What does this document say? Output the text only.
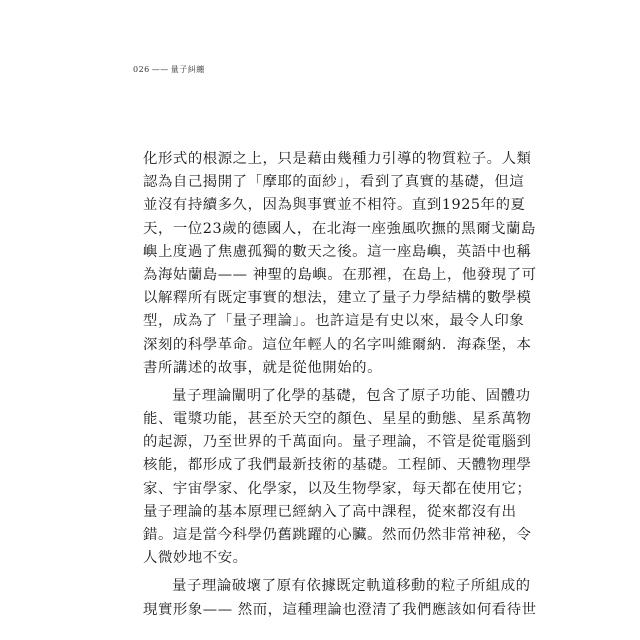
026 —— 量子糾纏
化形式的根源之上，只是藉由幾種力引導的物質粒子。人類
認為自己揭開了「摩耶的面紗」，看到了真實的基礎，但這
並沒有持續多久，因為與事實並不相符。直到1925年的夏
天，一位23歲的德國人，在北海一座強風吹撫的黑爾戈蘭島
嶼上度過了焦慮孤獨的數天之後。這一座島嶼，英語中也稱
為海姑蘭島—— 神聖的島嶼。在那裡，在島上，他發現了可
以解釋所有既定事實的想法，建立了量子力學結構的數學模
型，成為了「量子理論」。也許這是有史以來，最令人印象
深刻的科學革命。這位年輕人的名字叫維爾納．海森堡，本
書所講述的故事，就是從他開始的。
量子理論闡明了化學的基礎，包含了原子功能、固體功
能、電漿功能，甚至於天空的顏色、星星的動態、星系萬物
的起源，乃至世界的千萬面向。量子理論，不管是從電腦到
核能，都形成了我們最新技術的基礎。工程師、天體物理學
家、宇宙學家、化學家，以及生物學家，每天都在使用它；
量子理論的基本原理已經納入了高中課程，從來都沒有出
錯。這是當今科學仍舊跳躍的心臟。然而仍然非常神秘，令
人微妙地不安。
量子理論破壞了原有依據既定軌道移動的粒子所組成的
現實形象—— 然而，這種理論也澄清了我們應該如何看待世
